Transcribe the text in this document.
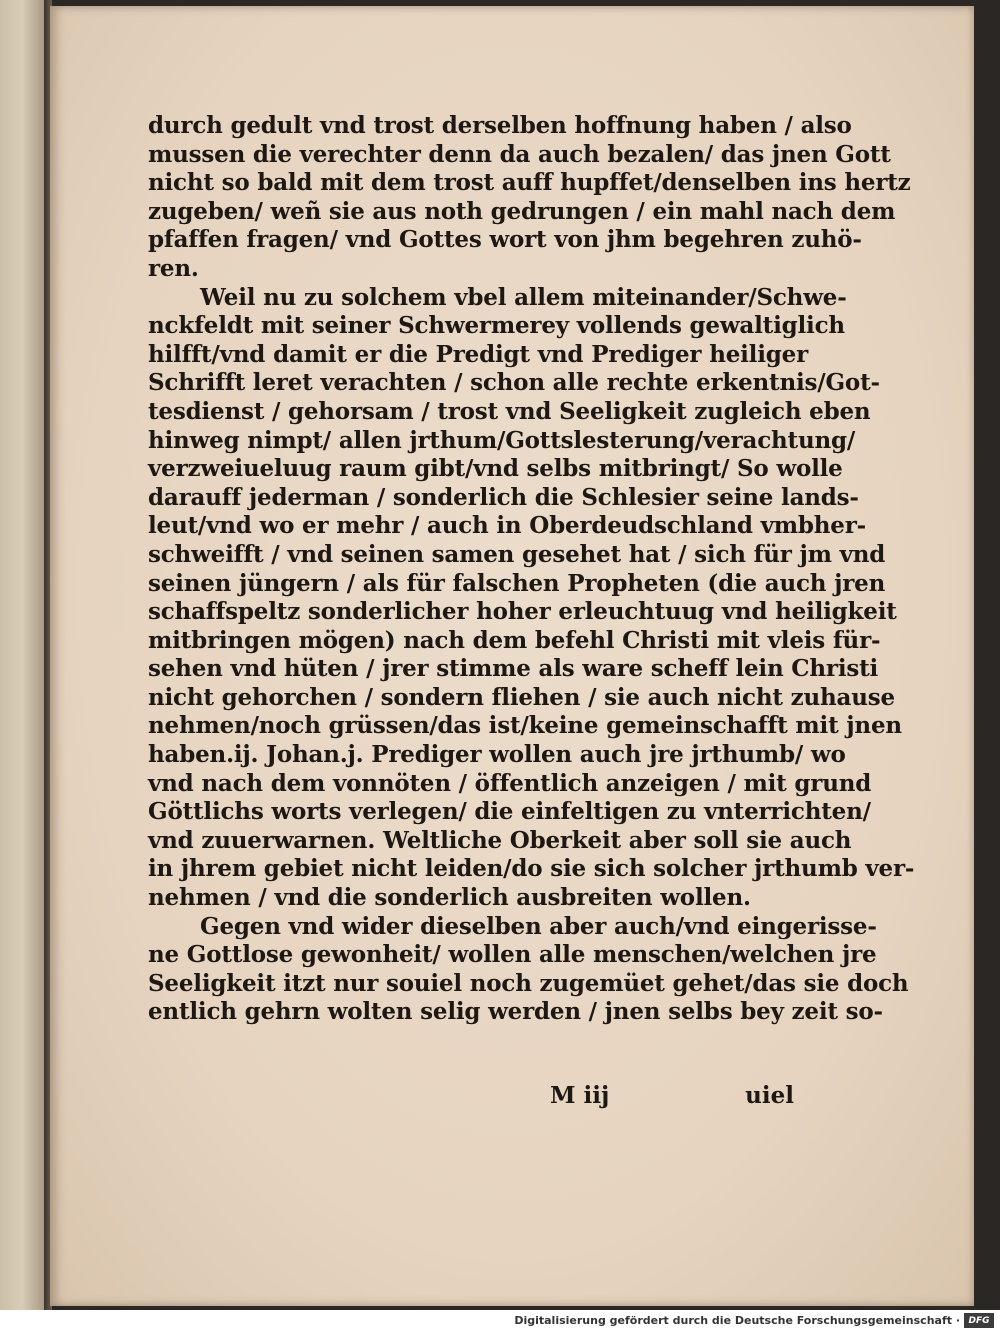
durch gedult vnd trost derselben hoffnung haben / also
mussen die verechter denn da auch bezalen/ das jnen Gott
nicht so bald mit dem trost auff hupffet/denselben ins hertz
zugeben/ weñ sie aus noth gedrungen / ein mahl nach dem
pfaffen fragen/ vnd Gottes wort von jhm begehren zuhö-
ren.
Weil nu zu solchem vbel allem miteinander/Schwe-
nckfeldt mit seiner Schwermerey vollends gewaltiglich
hilfft/vnd damit er die Predigt vnd Prediger heiliger
Schrifft leret verachten / schon alle rechte erkentnis/Got-
tesdienst / gehorsam / trost vnd Seeligkeit zugleich eben
hinweg nimpt/ allen jrthum/Gottslesterung/verachtung/
verzweiueluug raum gibt/vnd selbs mitbringt/ So wolle
darauff jederman / sonderlich die Schlesier seine lands-
leut/vnd wo er mehr / auch in Oberdeudschland vmbher-
schweifft / vnd seinen samen gesehet hat / sich für jm vnd
seinen jüngern / als für falschen Propheten (die auch jren
schaffspeltz sonderlicher hoher erleuchtuug vnd heiligkeit
mitbringen mögen) nach dem befehl Christi mit vleis für-
sehen vnd hüten / jrer stimme als ware scheff lein Christi
nicht gehorchen / sondern fliehen / sie auch nicht zuhause
nehmen/noch grüssen/das ist/keine gemeinschafft mit jnen
haben.ij. Johan.j. Prediger wollen auch jre jrthumb/ wo
vnd nach dem vonnöten / öffentlich anzeigen / mit grund
Göttlichs worts verlegen/ die einfeltigen zu vnterrichten/
vnd zuuerwarnen. Weltliche Oberkeit aber soll sie auch
in jhrem gebiet nicht leiden/do sie sich solcher jrthumb ver-
nehmen / vnd die sonderlich ausbreiten wollen.
Gegen vnd wider dieselben aber auch/vnd eingerisse-
ne Gottlose gewonheit/ wollen alle menschen/welchen jre
Seeligkeit itzt nur souiel noch zugemüet gehet/das sie doch
entlich gehrn wolten selig werden / jnen selbs bey zeit so-
M iij	uiel
Digitalisierung gefördert durch die Deutsche Forschungsgemeinschaft · DFG
